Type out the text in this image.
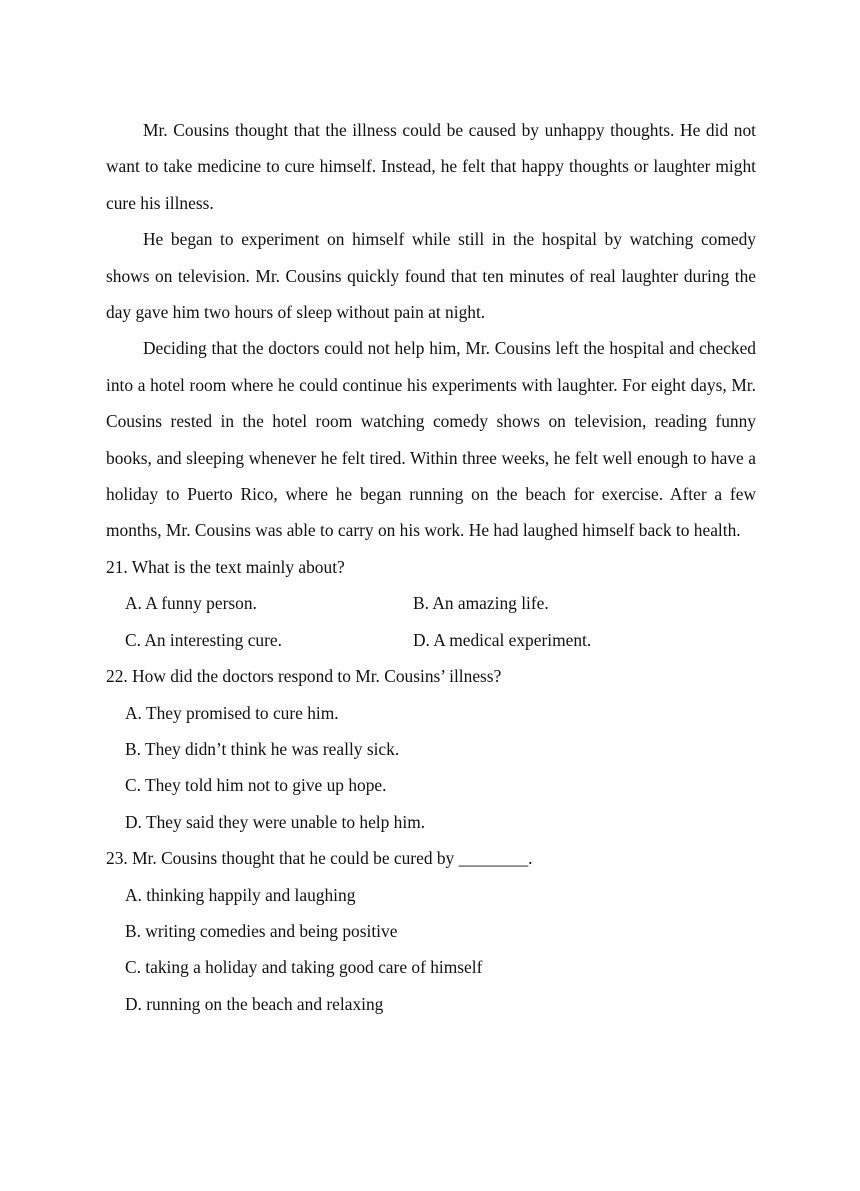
Mr. Cousins thought that the illness could be caused by unhappy thoughts. He did not want to take medicine to cure himself. Instead, he felt that happy thoughts or laughter might cure his illness.

He began to experiment on himself while still in the hospital by watching comedy shows on television. Mr. Cousins quickly found that ten minutes of real laughter during the day gave him two hours of sleep without pain at night.

Deciding that the doctors could not help him, Mr. Cousins left the hospital and checked into a hotel room where he could continue his experiments with laughter. For eight days, Mr. Cousins rested in the hotel room watching comedy shows on television, reading funny books, and sleeping whenever he felt tired. Within three weeks, he felt well enough to have a holiday to Puerto Rico, where he began running on the beach for exercise. After a few months, Mr. Cousins was able to carry on his work. He had laughed himself back to health.

21. What is the text mainly about?

A. A funny person.	B. An amazing life.
C. An interesting cure.	D. A medical experiment.

22. How did the doctors respond to Mr. Cousins’ illness?

A. They promised to cure him.
B. They didn’t think he was really sick.
C. They told him not to give up hope.
D. They said they were unable to help him.

23. Mr. Cousins thought that he could be cured by ________.

A. thinking happily and laughing
B. writing comedies and being positive
C. taking a holiday and taking good care of himself
D. running on the beach and relaxing
